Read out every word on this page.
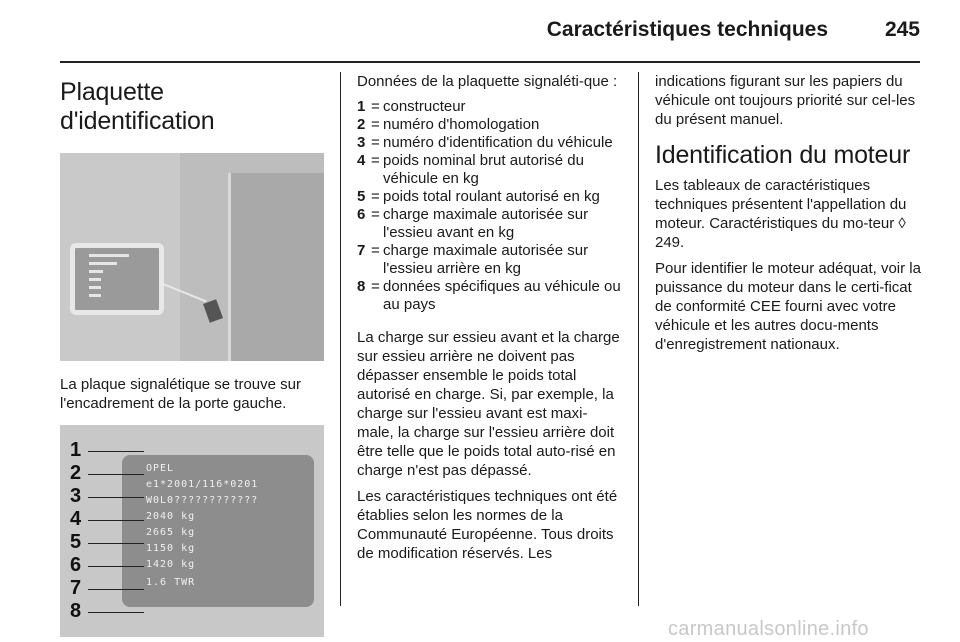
Caractéristiques techniques	245
Plaquette d'identification

La plaque signalétique se trouve sur l'encadrement de la porte gauche.

1
2
3
4
5
6
7
8
OPEL
e1*2001/116*0201
W0L0????????????
2040 kg
2665 kg
1150 kg
1420 kg
1.6 TWR

Données de la plaquette signaléti-que :

1 = constructeur
2 = numéro d'homologation
3 = numéro d'identification du véhicule
4 = poids nominal brut autorisé du véhicule en kg
5 = poids total roulant autorisé en kg
6 = charge maximale autorisée sur l'essieu avant en kg
7 = charge maximale autorisée sur l'essieu arrière en kg
8 = données spécifiques au véhicule ou au pays

La charge sur essieu avant et la charge sur essieu arrière ne doivent pas dépasser ensemble le poids total autorisé en charge. Si, par exemple, la charge sur l'essieu avant est maxi-male, la charge sur l'essieu arrière doit être telle que le poids total auto-risé en charge n'est pas dépassé.

Les caractéristiques techniques ont été établies selon les normes de la Communauté Européenne. Tous droits de modification réservés. Les

indications figurant sur les papiers du véhicule ont toujours priorité sur cel-les du présent manuel.

Identification du moteur

Les tableaux de caractéristiques techniques présentent l'appellation du moteur. Caractéristiques du mo-teur ◊ 249.

Pour identifier le moteur adéquat, voir la puissance du moteur dans le certi-ficat de conformité CEE fourni avec votre véhicule et les autres docu-ments d'enregistrement nationaux.

carmanualsonline.info
